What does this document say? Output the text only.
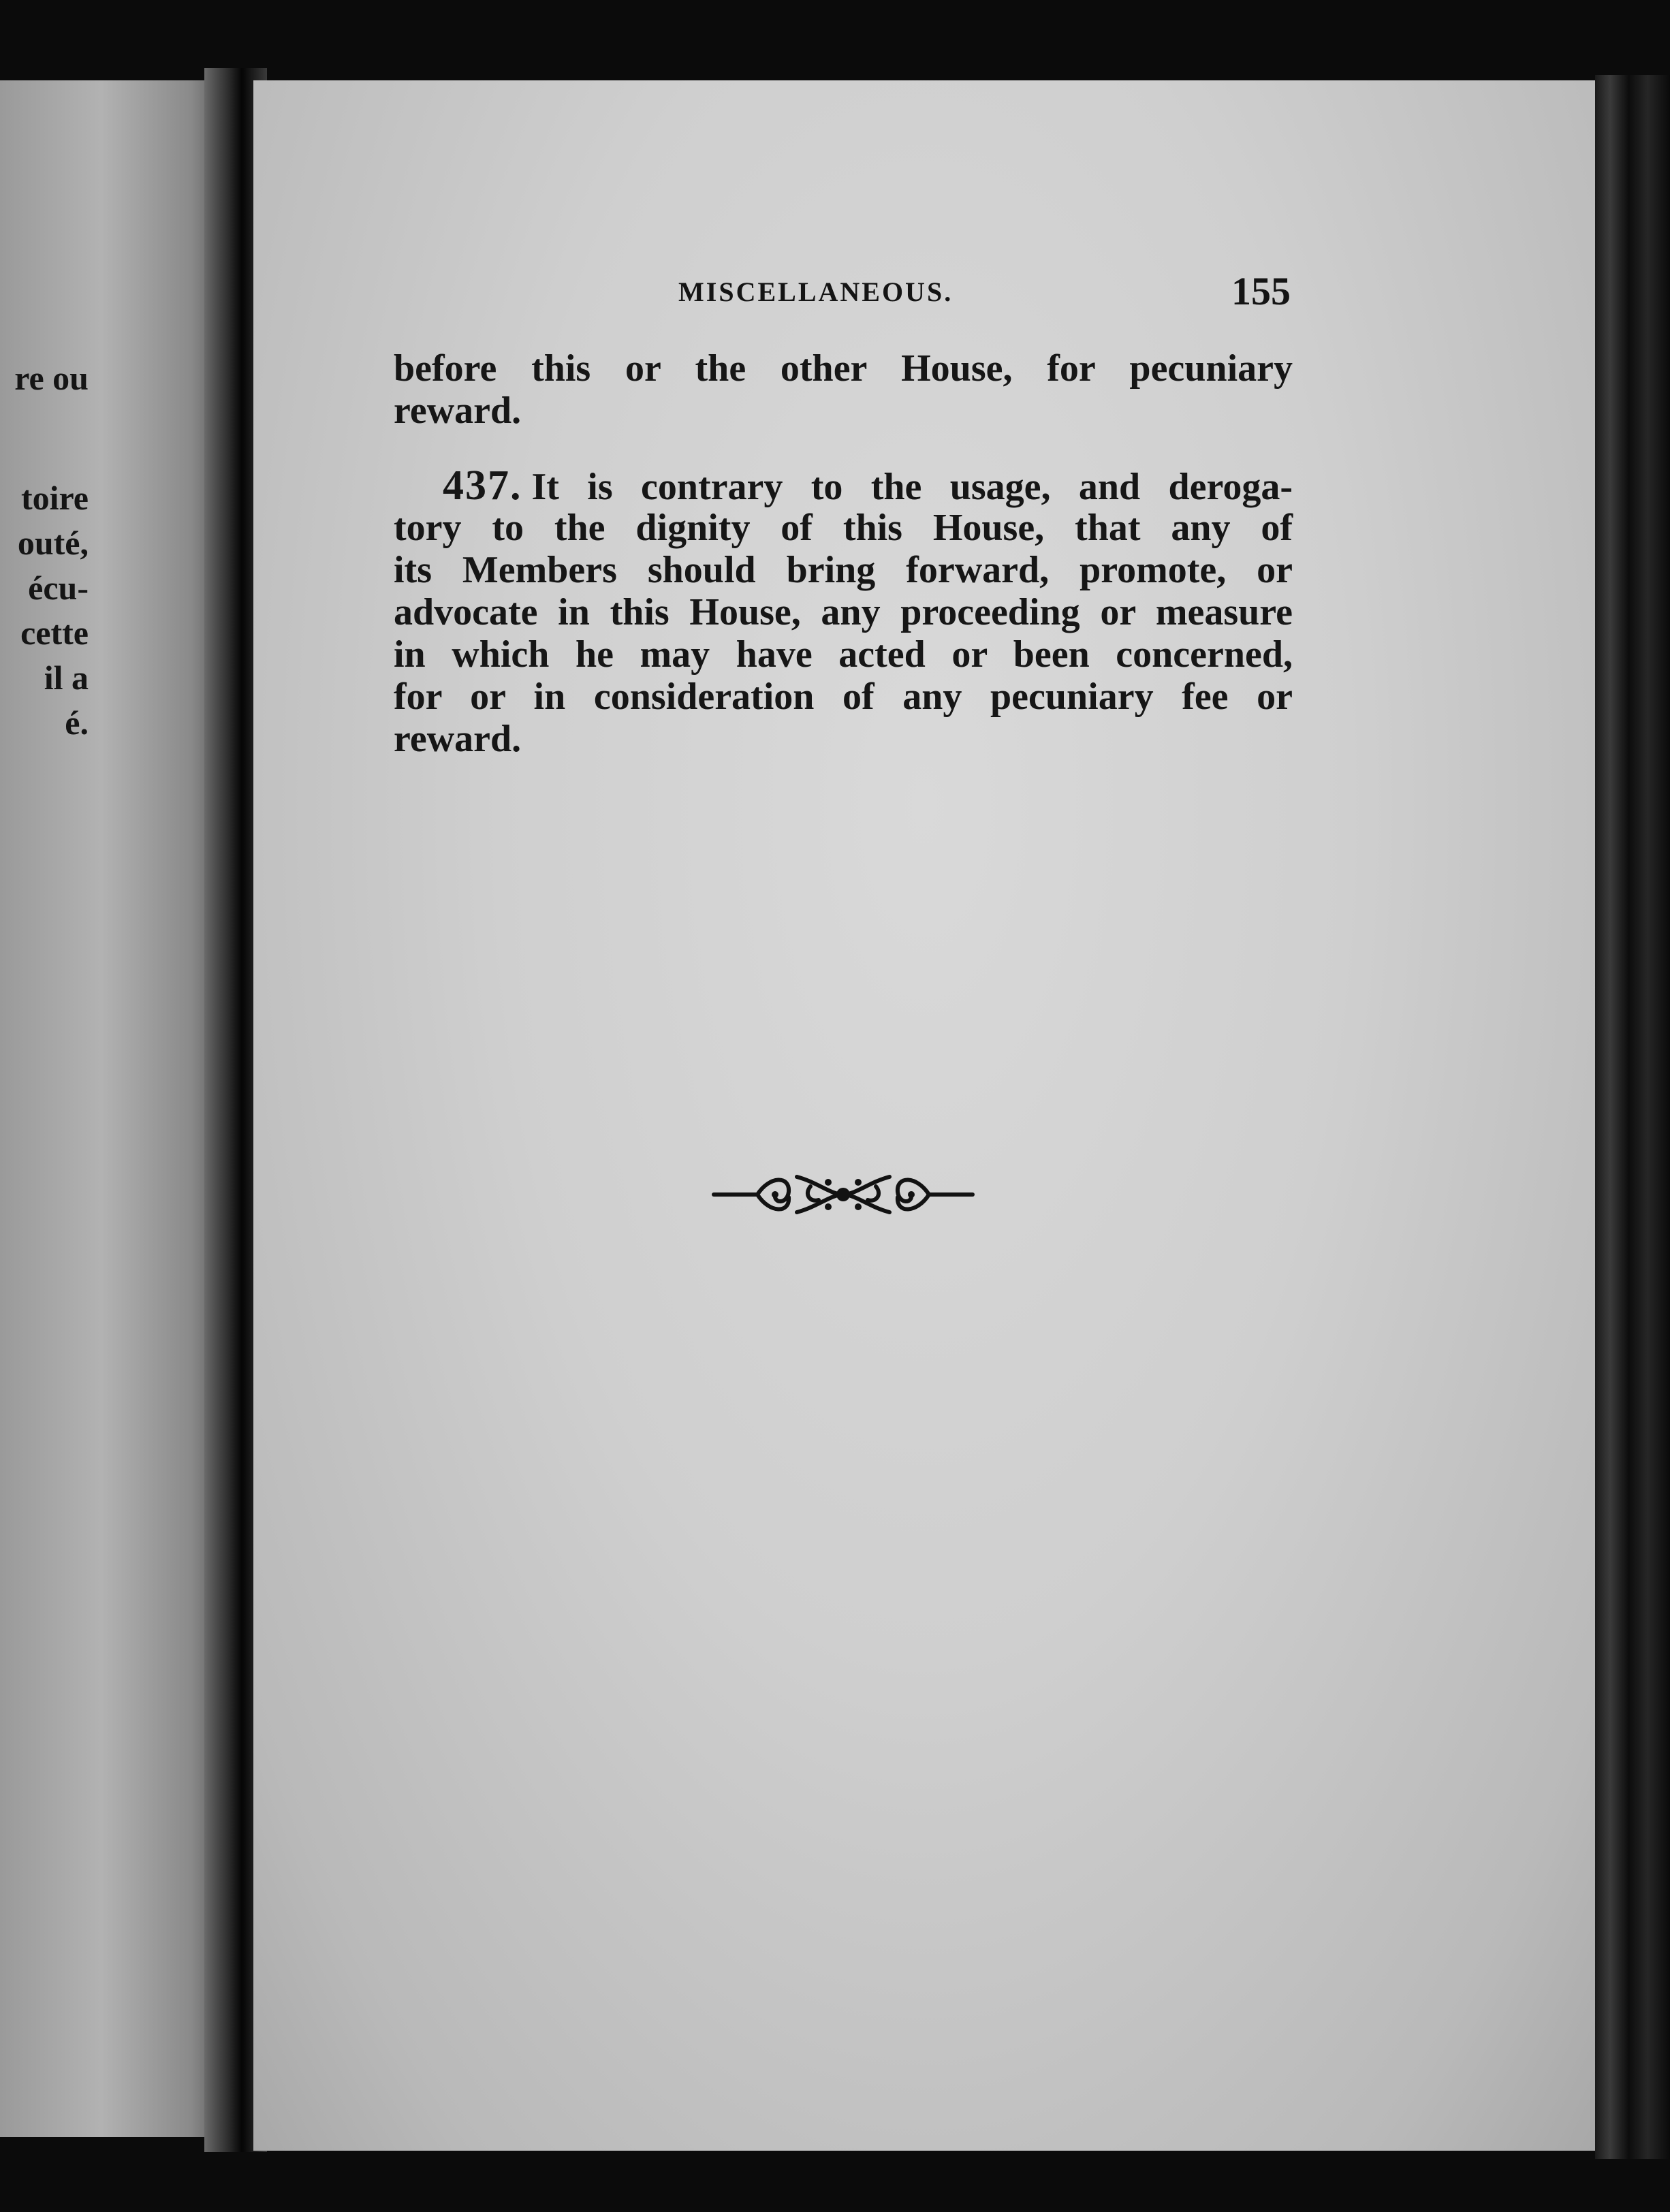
re ou
toire
outé,
écu-
cette
il a
é.
MISCELLANEOUS.	155
before this or the other House, for pecuniary
reward.
437. It is contrary to the usage, and deroga-
tory to the dignity of this House, that any of
its Members should bring forward, promote, or
advocate in this House, any proceeding or measure
in which he may have acted or been concerned,
for or in consideration of any pecuniary fee or
reward.
